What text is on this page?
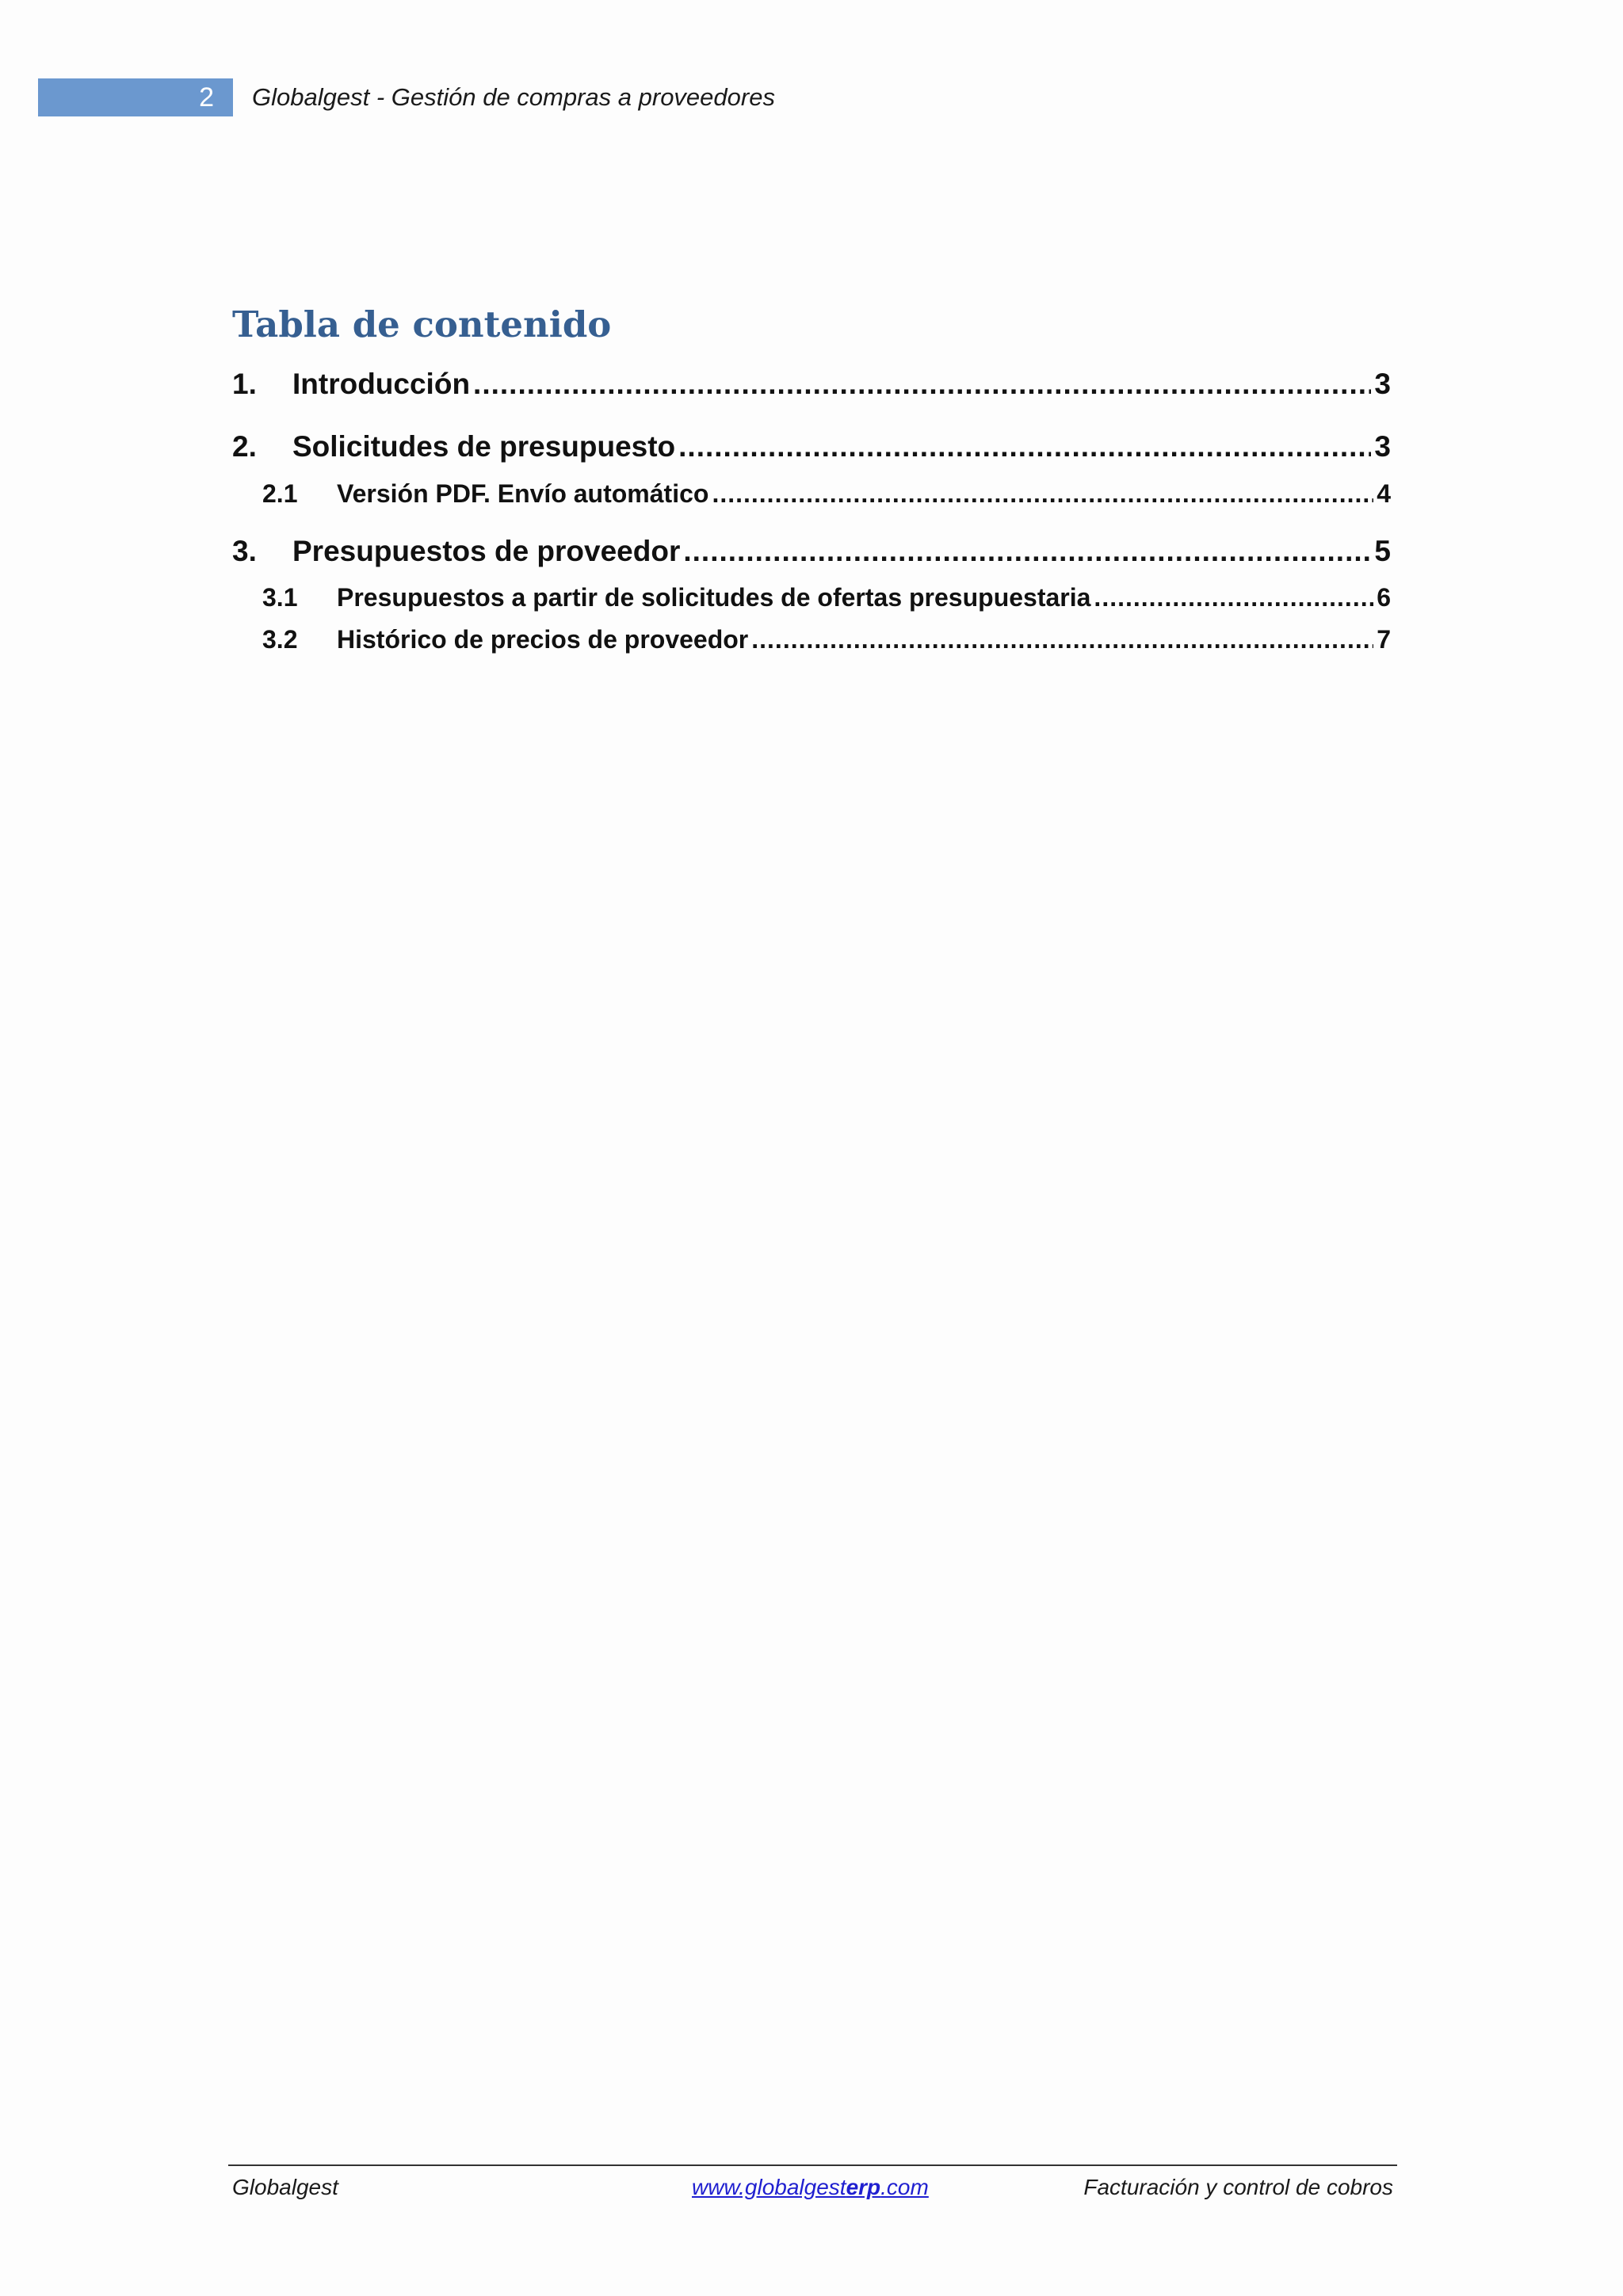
2	Globalgest - Gestión de compras a proveedores
Tabla de contenido
1.	Introducción .....	3
2.	Solicitudes de presupuesto .....	3
2.1	Versión PDF. Envío automático .....	4
3.	Presupuestos de proveedor .....	5
3.1	Presupuestos a partir de solicitudes de ofertas presupuestaria .....	6
3.2	Histórico de precios de proveedor .....	7
Globalgest	www.globalgesterp.com	Facturación y control de cobros
